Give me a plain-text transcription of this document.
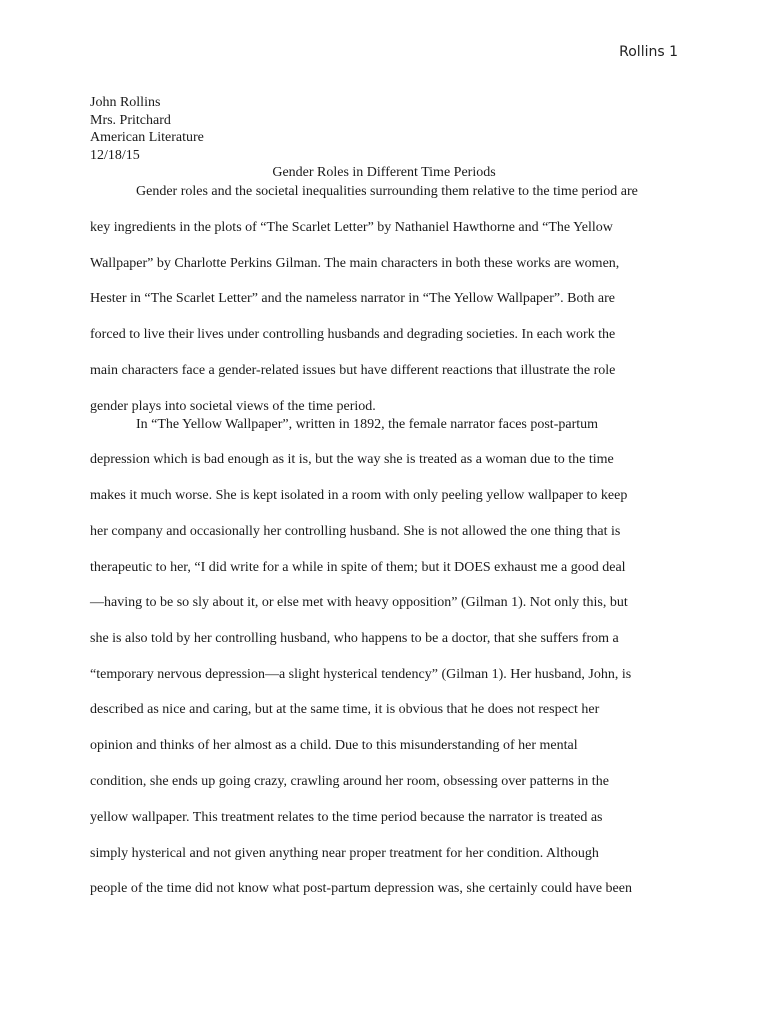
Rollins 1
John Rollins
Mrs. Pritchard
American Literature
12/18/15
Gender Roles in Different Time Periods
Gender roles and the societal inequalities surrounding them relative to the time period are
key ingredients in the plots of “The Scarlet Letter” by Nathaniel Hawthorne and “The Yellow
Wallpaper” by Charlotte Perkins Gilman. The main characters in both these works are women,
Hester in “The Scarlet Letter” and the nameless narrator in “The Yellow Wallpaper”. Both are
forced to live their lives under controlling husbands and degrading societies. In each work the
main characters face a gender-related issues but have different reactions that illustrate the role
gender plays into societal views of the time period.
In “The Yellow Wallpaper”, written in 1892, the female narrator faces post-partum
depression which is bad enough as it is, but the way she is treated as a woman due to the time
makes it much worse. She is kept isolated in a room with only peeling yellow wallpaper to keep
her company and occasionally her controlling husband. She is not allowed the one thing that is
therapeutic to her, “I did write for a while in spite of them; but it DOES exhaust me a good deal
—having to be so sly about it, or else met with heavy opposition” (Gilman 1). Not only this, but
she is also told by her controlling husband, who happens to be a doctor, that she suffers from a
“temporary nervous depression—a slight hysterical tendency” (Gilman 1). Her husband, John, is
described as nice and caring, but at the same time, it is obvious that he does not respect her
opinion and thinks of her almost as a child. Due to this misunderstanding of her mental
condition, she ends up going crazy, crawling around her room, obsessing over patterns in the
yellow wallpaper. This treatment relates to the time period because the narrator is treated as
simply hysterical and not given anything near proper treatment for her condition. Although
people of the time did not know what post-partum depression was, she certainly could have been
